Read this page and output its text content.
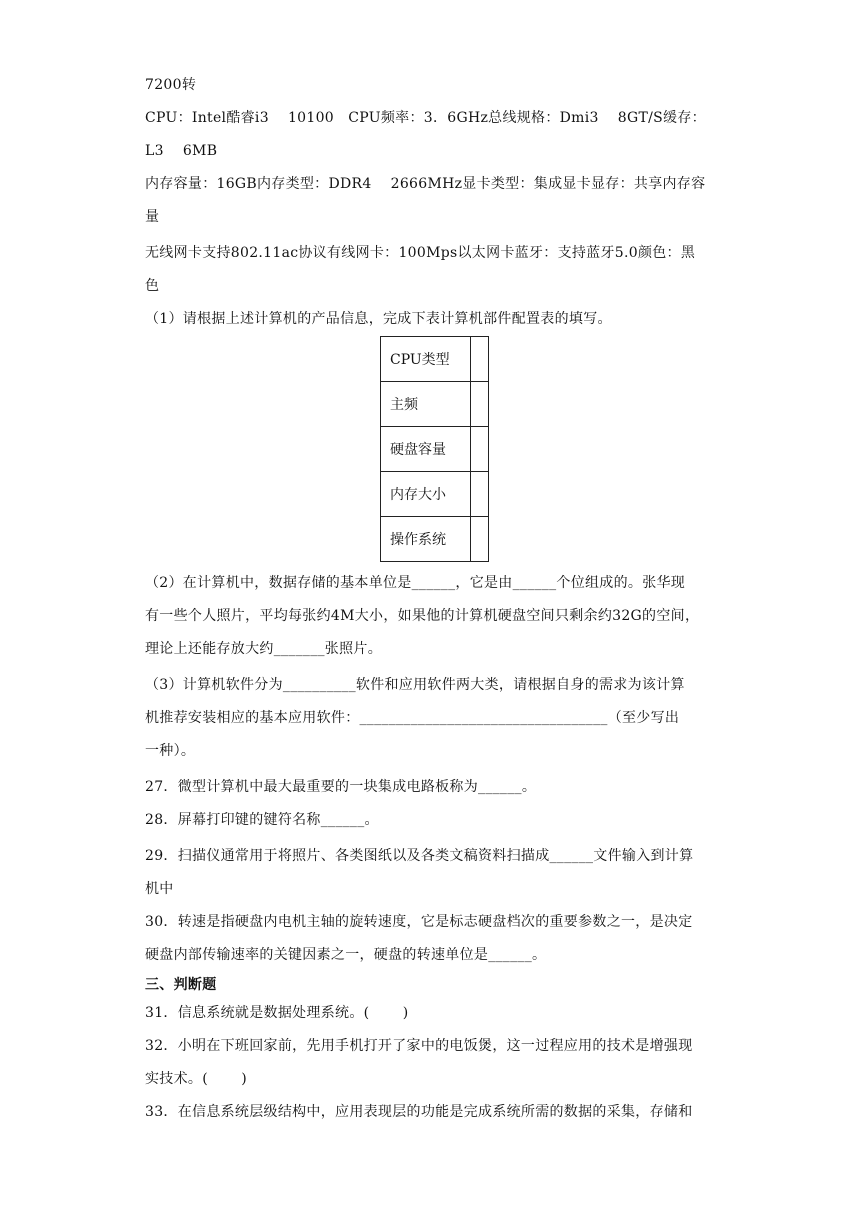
7200转
CPU：Intel酷睿i3　 10100　CPU频率：3．6GHz总线规格：Dmi3　 8GT/S缓存：
L3　 6MB
内存容量：16GB内存类型：DDR4　 2666MHz显卡类型：集成显卡显存：共享内存容
量
无线网卡支持802.11ac协议有线网卡：100Mps以太网卡蓝牙：支持蓝牙5.0颜色：黑
色
（1）请根据上述计算机的产品信息，完成下表计算机部件配置表的填写。
CPU类型	
主频	
硬盘容量	
内存大小	
操作系统	
（2）在计算机中，数据存储的基本单位是______，它是由______个位组成的。张华现
有一些个人照片，平均每张约4M大小，如果他的计算机硬盘空间只剩余约32G的空间，
理论上还能存放大约_______张照片。
（3）计算机软件分为__________软件和应用软件两大类，请根据自身的需求为该计算
机推荐安装相应的基本应用软件：__________________________________（至少写出
一种）。
27．微型计算机中最大最重要的一块集成电路板称为______。
28．屏幕打印键的键符名称______。
29．扫描仪通常用于将照片、各类图纸以及各类文稿资料扫描成______文件输入到计算
机中
30．转速是指硬盘内电机主轴的旋转速度，它是标志硬盘档次的重要参数之一，是决定
硬盘内部传输速率的关键因素之一，硬盘的转速单位是______。
三、判断题
31．信息系统就是数据处理系统。(　　 )
32．小明在下班回家前，先用手机打开了家中的电饭煲，这一过程应用的技术是增强现
实技术。(　　 )
33．在信息系统层级结构中，应用表现层的功能是完成系统所需的数据的采集，存储和
